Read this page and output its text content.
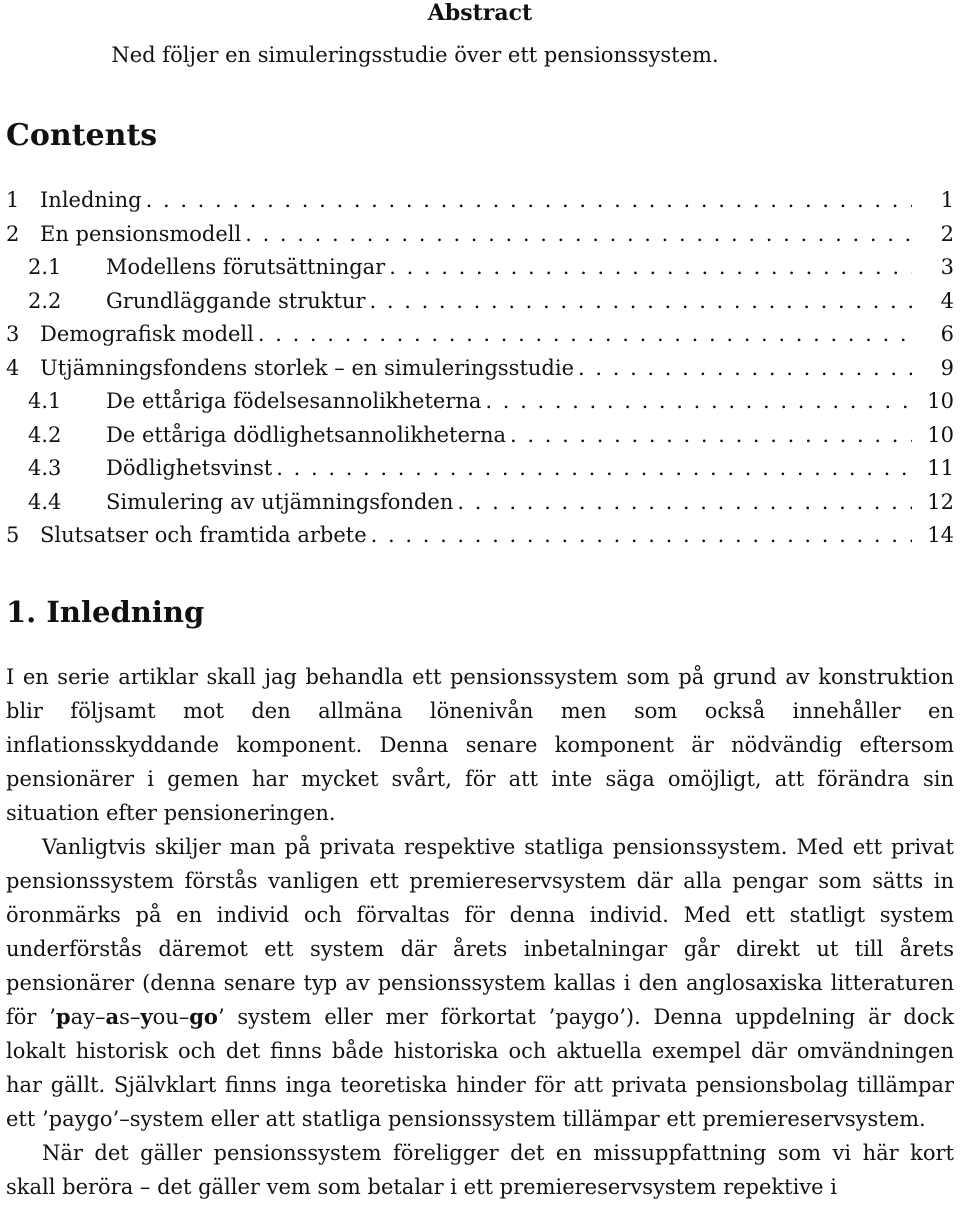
Abstract
Ned följer en simuleringsstudie över ett pensionssystem.
Contents
1 Inledning . . .	1
2 En pensionsmodell . . .	2
2.1	Modellens förutsättningar . . .	3
2.2	Grundläggande struktur . . .	4
3 Demografisk modell . . .	6
4 Utjämningsfondens storlek – en simuleringsstudie . . .	9
4.1	De ettåriga födelsesannolikheterna . . .	10
4.2	De ettåriga dödlighetsannolikheterna . . .	10
4.3	Dödlighetsvinst . . .	11
4.4	Simulering av utjämningsfonden . . .	12
5 Slutsatser och framtida arbete . . .	14
1. Inledning

I en serie artiklar skall jag behandla ett pensionssystem som på grund av konstruktion blir följsamt mot den allmäna lönenivån men som också innehåller en inflationsskyddande komponent. Denna senare komponent är nödvändig eftersom pensionärer i gemen har mycket svårt, för att inte säga omöjligt, att förändra sin situation efter pensioneringen.

Vanligtvis skiljer man på privata respektive statliga pensionssystem. Med ett privat pensionssystem förstås vanligen ett premiereservsystem där alla pengar som sätts in öronmärks på en individ och förvaltas för denna individ. Med ett statligt system underförstås däremot ett system där årets inbetalningar går direkt ut till årets pensionärer (denna senare typ av pensionssystem kallas i den anglosaxiska litteraturen för ’pay–as–you–go’ system eller mer förkortat ’paygo’). Denna uppdelning är dock lokalt historisk och det finns både historiska och aktuella exempel där omvändningen har gällt. Självklart finns inga teoretiska hinder för att privata pensionsbolag tillämpar ett ’paygo’–system eller att statliga pensionssystem tillämpar ett premiereservsystem.

När det gäller pensionssystem föreligger det en missuppfattning som vi här kort skall beröra – det gäller vem som betalar i ett premiereservsystem repektive i
